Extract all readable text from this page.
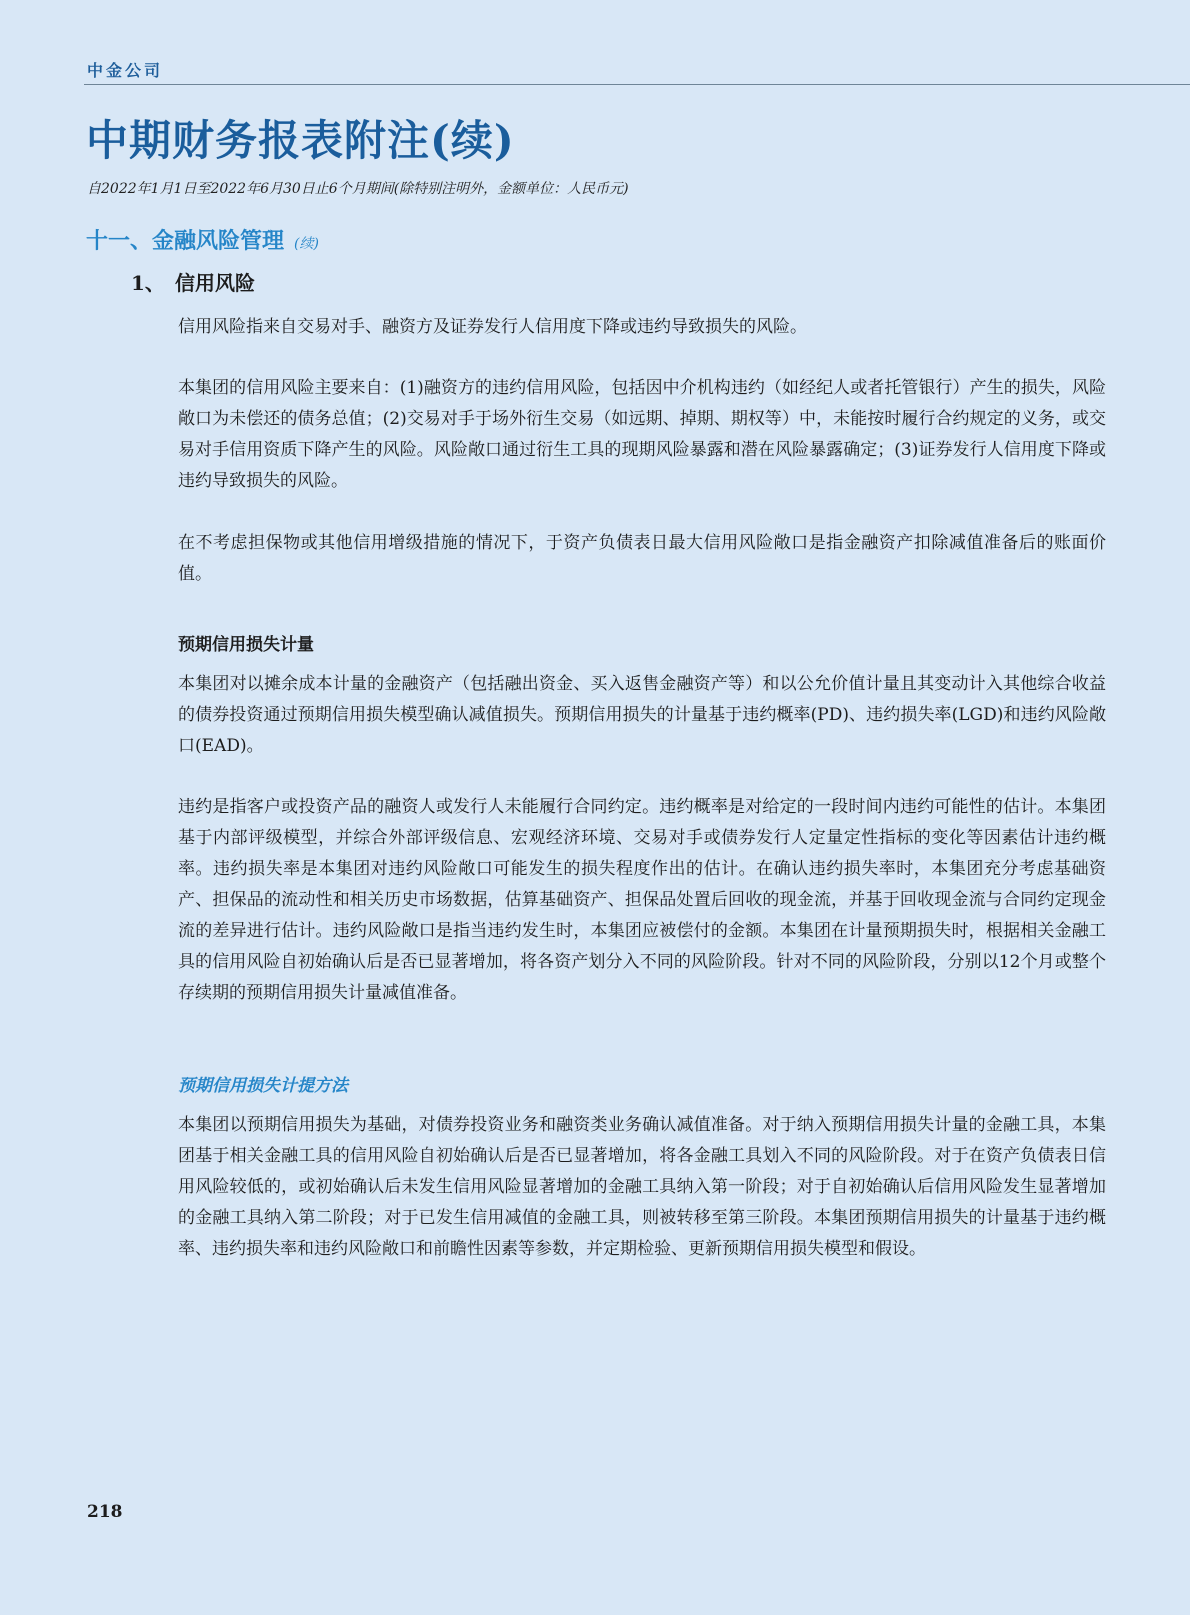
中金公司
中期财务报表附注(续)
自2022年1月1日至2022年6月30日止6个月期间(除特别注明外，金额单位：人民币元)
十一、金融风险管理 (续)
1、 信用风险
信用风险指来自交易对手、融资方及证券发行人信用度下降或违约导致损失的风险。
本集团的信用风险主要来自：(1)融资方的违约信用风险，包括因中介机构违约（如经纪人或者托管银行）产生的损失，风险敞口为未偿还的债务总值；(2)交易对手于场外衍生交易（如远期、掉期、期权等）中，未能按时履行合约规定的义务，或交易对手信用资质下降产生的风险。风险敞口通过衍生工具的现期风险暴露和潜在风险暴露确定；(3)证券发行人信用度下降或违约导致损失的风险。
在不考虑担保物或其他信用增级措施的情况下，于资产负债表日最大信用风险敞口是指金融资产扣除减值准备后的账面价值。
预期信用损失计量
本集团对以摊余成本计量的金融资产（包括融出资金、买入返售金融资产等）和以公允价值计量且其变动计入其他综合收益的债券投资通过预期信用损失模型确认减值损失。预期信用损失的计量基于违约概率(PD)、违约损失率(LGD)和违约风险敞口(EAD)。
违约是指客户或投资产品的融资人或发行人未能履行合同约定。违约概率是对给定的一段时间内违约可能性的估计。本集团基于内部评级模型，并综合外部评级信息、宏观经济环境、交易对手或债券发行人定量定性指标的变化等因素估计违约概率。违约损失率是本集团对违约风险敞口可能发生的损失程度作出的估计。在确认违约损失率时，本集团充分考虑基础资产、担保品的流动性和相关历史市场数据，估算基础资产、担保品处置后回收的现金流，并基于回收现金流与合同约定现金流的差异进行估计。违约风险敞口是指当违约发生时，本集团应被偿付的金额。本集团在计量预期损失时，根据相关金融工具的信用风险自初始确认后是否已显著增加，将各资产划分入不同的风险阶段。针对不同的风险阶段，分别以12个月或整个存续期的预期信用损失计量减值准备。
预期信用损失计提方法
本集团以预期信用损失为基础，对债券投资业务和融资类业务确认减值准备。对于纳入预期信用损失计量的金融工具，本集团基于相关金融工具的信用风险自初始确认后是否已显著增加，将各金融工具划入不同的风险阶段。对于在资产负债表日信用风险较低的，或初始确认后未发生信用风险显著增加的金融工具纳入第一阶段；对于自初始确认后信用风险发生显著增加的金融工具纳入第二阶段；对于已发生信用减值的金融工具，则被转移至第三阶段。本集团预期信用损失的计量基于违约概率、违约损失率和违约风险敞口和前瞻性因素等参数，并定期检验、更新预期信用损失模型和假设。
218
